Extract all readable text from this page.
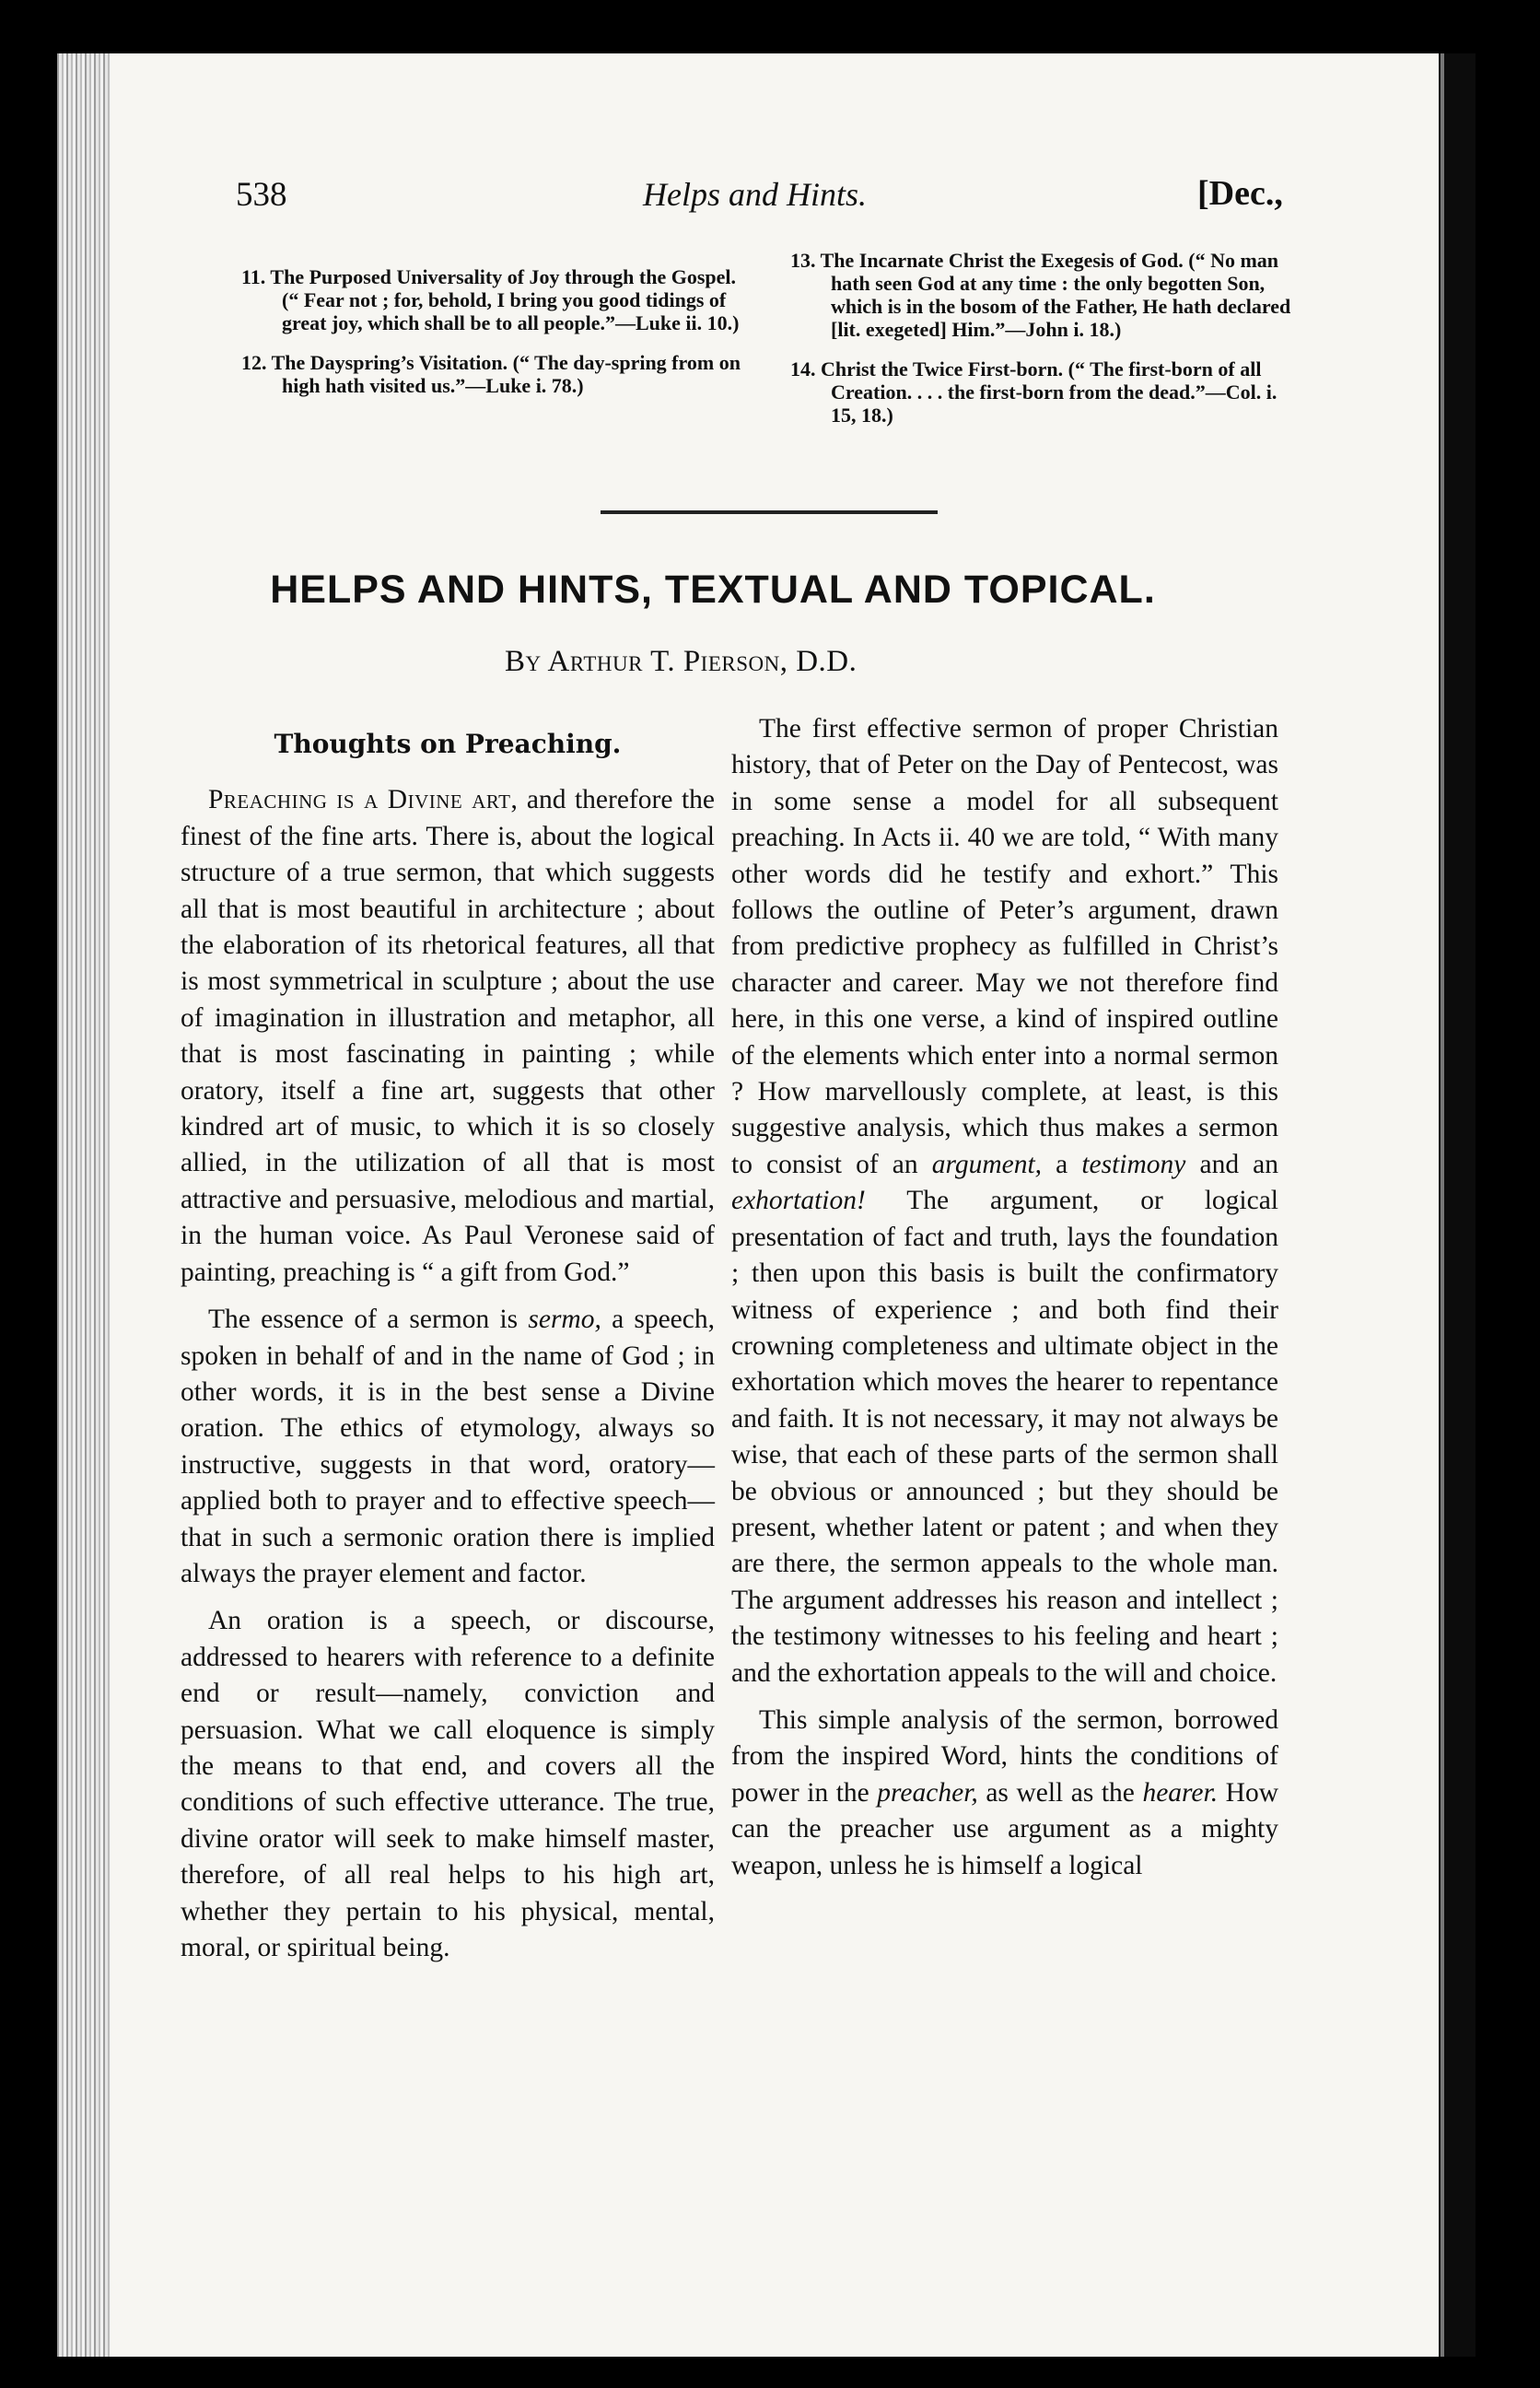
538	Helps and Hints.	[Dec.,

11. The Purposed Universality of Joy through the Gospel. (“ Fear not ; for, behold, I bring you good tidings of great joy, which shall be to all people.”—Luke ii. 10.)

12. The Dayspring’s Visitation. (“ The day-spring from on high hath visited us.”—Luke i. 78.)

13. The Incarnate Christ the Exegesis of God. (“ No man hath seen God at any time : the only begotten Son, which is in the bosom of the Father, He hath declared [lit. exegeted] Him.”—John i. 18.)

14. Christ the Twice First-born. (“ The first-born of all Creation. . . . the first-born from the dead.”—Col. i. 15, 18.)

HELPS AND HINTS, TEXTUAL AND TOPICAL.
By Arthur T. Pierson, D.D.
Thoughts on Preaching.

Preaching is a Divine art, and therefore the finest of the fine arts. There is, about the logical structure of a true sermon, that which suggests all that is most beautiful in architecture ; about the elaboration of its rhetorical features, all that is most symmetrical in sculpture ; about the use of imagination in illustration and metaphor, all that is most fascinating in painting ; while oratory, itself a fine art, suggests that other kindred art of music, to which it is so closely allied, in the utilization of all that is most attractive and persuasive, melodious and martial, in the human voice. As Paul Veronese said of painting, preaching is “ a gift from God.”

The essence of a sermon is sermo, a speech, spoken in behalf of and in the name of God ; in other words, it is in the best sense a Divine oration. The ethics of etymology, always so instructive, suggests in that word, oratory—applied both to prayer and to effective speech—that in such a sermonic oration there is implied always the prayer element and factor.

An oration is a speech, or discourse, addressed to hearers with reference to a definite end or result—namely, conviction and persuasion. What we call eloquence is simply the means to that end, and covers all the conditions of such effective utterance. The true, divine orator will seek to make himself master, therefore, of all real helps to his high art, whether they pertain to his physical, mental, moral, or spiritual being.

The first effective sermon of proper Christian history, that of Peter on the Day of Pentecost, was in some sense a model for all subsequent preaching. In Acts ii. 40 we are told, “ With many other words did he testify and exhort.” This follows the outline of Peter’s argument, drawn from predictive prophecy as fulfilled in Christ’s character and career. May we not therefore find here, in this one verse, a kind of inspired outline of the elements which enter into a normal sermon ? How marvellously complete, at least, is this suggestive analysis, which thus makes a sermon to consist of an argument, a testimony and an exhortation! The argument, or logical presentation of fact and truth, lays the foundation ; then upon this basis is built the confirmatory witness of experience ; and both find their crowning completeness and ultimate object in the exhortation which moves the hearer to repentance and faith. It is not necessary, it may not always be wise, that each of these parts of the sermon shall be obvious or announced ; but they should be present, whether latent or patent ; and when they are there, the sermon appeals to the whole man. The argument addresses his reason and intellect ; the testimony witnesses to his feeling and heart ; and the exhortation appeals to the will and choice.

This simple analysis of the sermon, borrowed from the inspired Word, hints the conditions of power in the preacher, as well as the hearer. How can the preacher use argument as a mighty weapon, unless he is himself a logical
